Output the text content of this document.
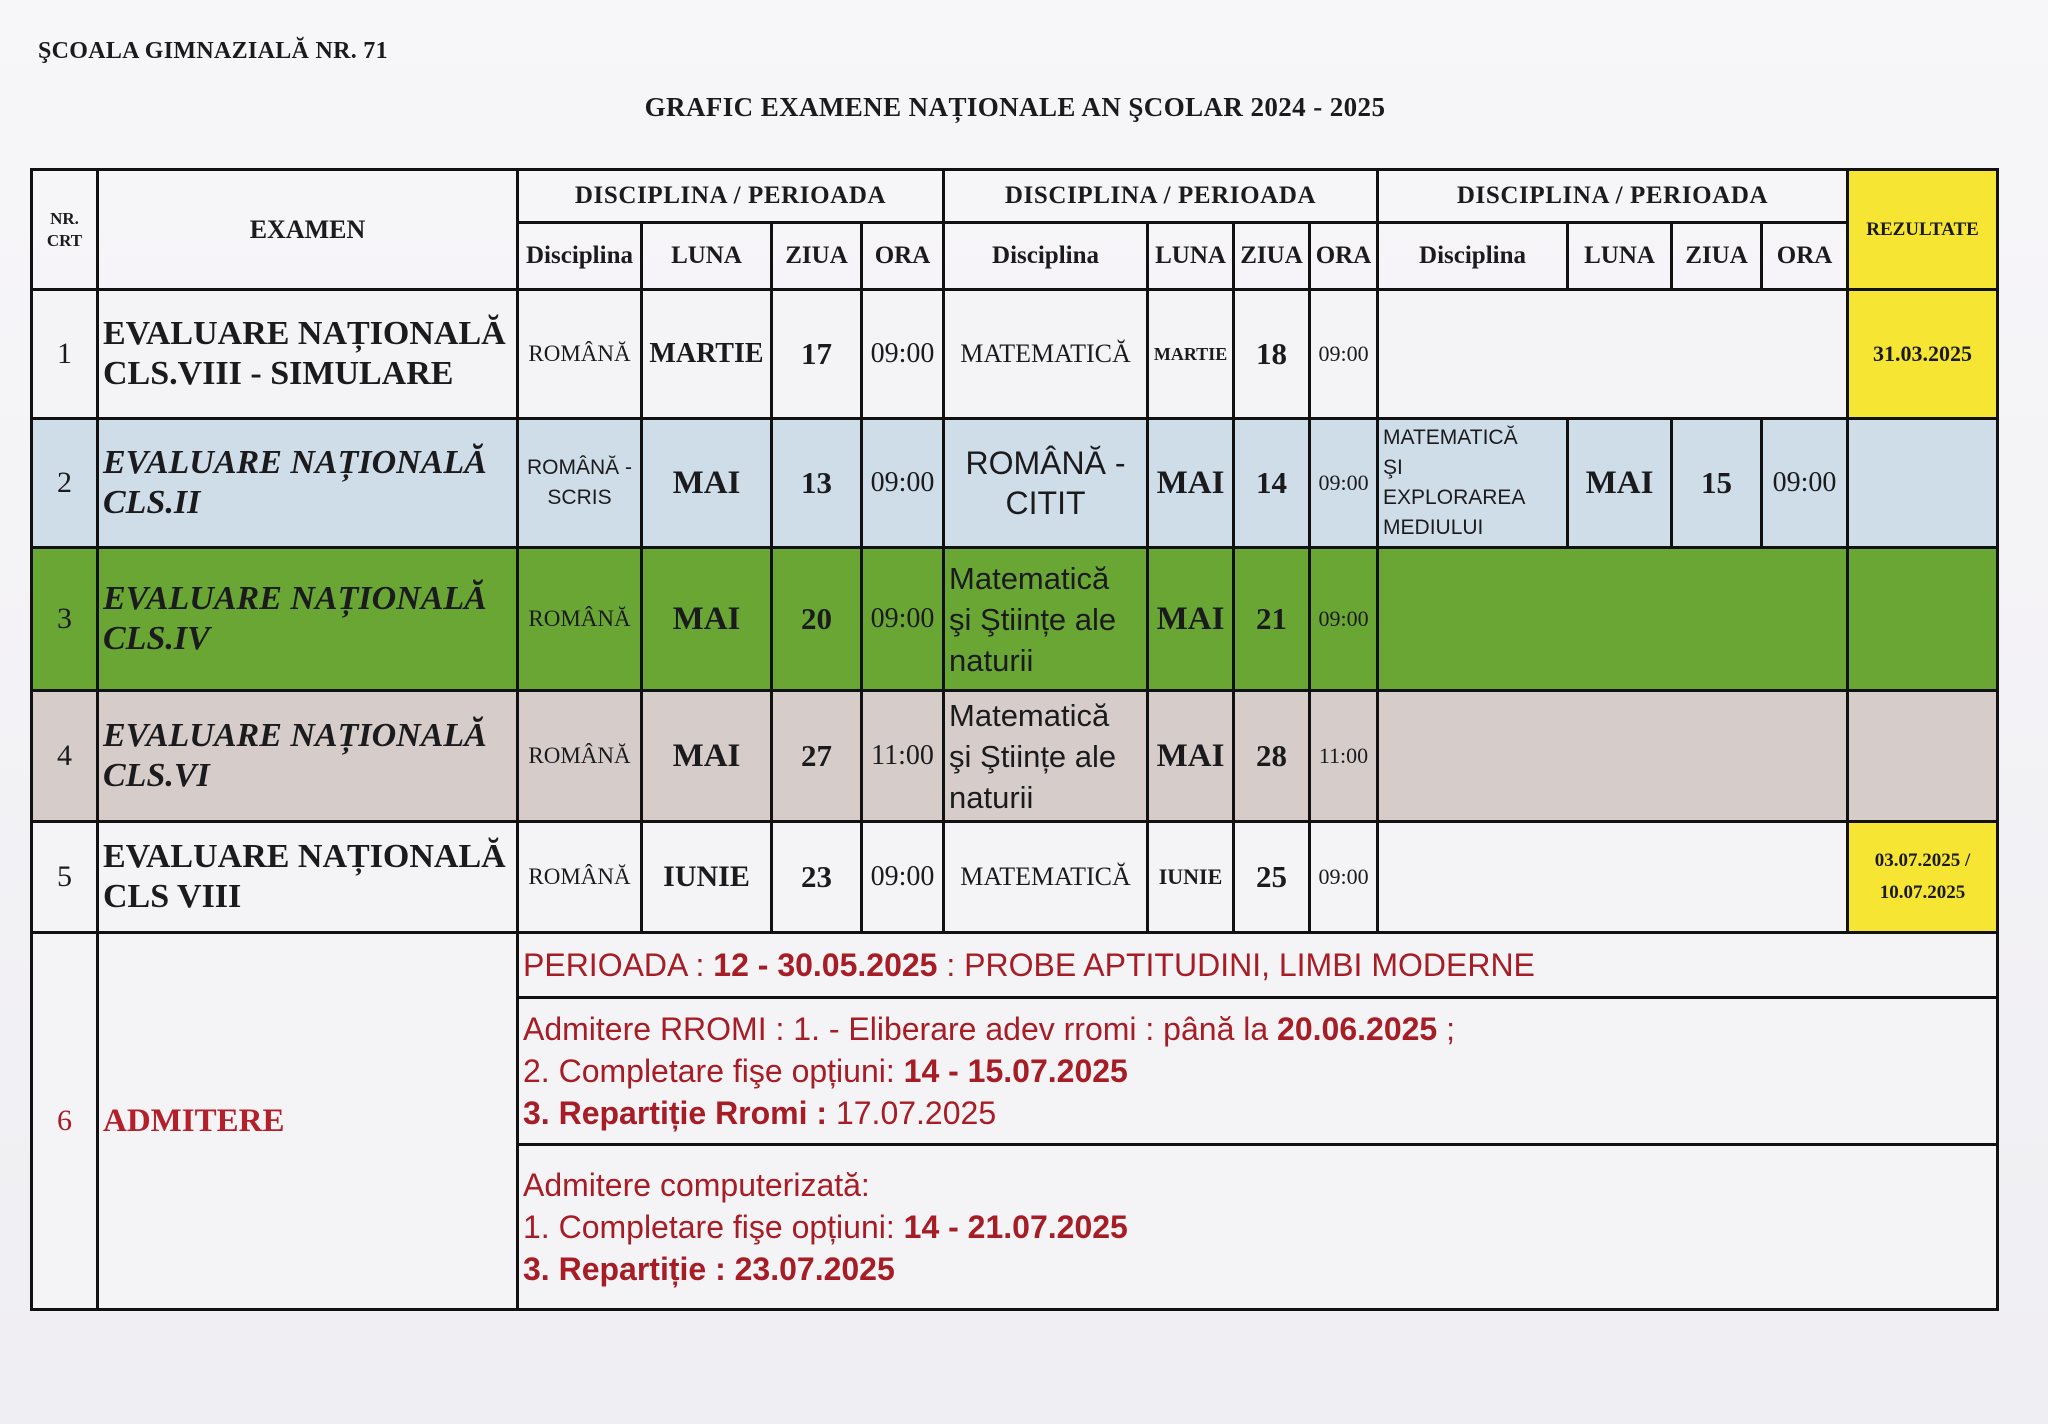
ŞCOALA GIMNAZIALĂ NR. 71
GRAFIC EXAMENE NAȚIONALE AN ŞCOLAR 2024 - 2025
NR.
CRT	EXAMEN	DISCIPLINA / PERIOADA				DISCIPLINA / PERIOADA				DISCIPLINA / PERIOADA				REZULTATE
		Disciplina	LUNA	ZIUA	ORA	Disciplina	LUNA	ZIUA	ORA	Disciplina	LUNA	ZIUA	ORA	
1	EVALUARE NAȚIONALĂ
CLS.VIII - SIMULARE	ROMÂNĂ	MARTIE	17	09:00	MATEMATICĂ	MARTIE	18	09:00					31.03.2025
2	EVALUARE NAȚIONALĂ
CLS.II	ROMÂNĂ -
SCRIS	MAI	13	09:00	ROMÂNĂ -
CITIT	MAI	14	09:00	MATEMATICĂ
ŞI
EXPLORAREA
MEDIULUI	MAI	15	09:00	
3	EVALUARE NAȚIONALĂ
CLS.IV	ROMÂNĂ	MAI	20	09:00	Matematică
şi Ştiințe ale
naturii	MAI	21	09:00					
4	EVALUARE NAȚIONALĂ
CLS.VI	ROMÂNĂ	MAI	27	11:00	Matematică
şi Ştiințe ale
naturii	MAI	28	11:00					
5	EVALUARE NAȚIONALĂ
CLS VIII	ROMÂNĂ	IUNIE	23	09:00	MATEMATICĂ	IUNIE	25	09:00					03.07.2025 /
10.07.2025
6	ADMITERE	PERIOADA : 12 - 30.05.2025 : PROBE APTITUDINI, LIMBI MODERNE												

		Admitere RROMI : 1. - Eliberare adev rromi : până la 20.06.2025 ;
2. Completare fişe opțiuni: 14 - 15.07.2025
3. Repartiție Rromi : 17.07.2025												

		Admitere computerizată:
1. Completare fişe opțiuni: 14 - 21.07.2025
3. Repartiție : 23.07.2025												
